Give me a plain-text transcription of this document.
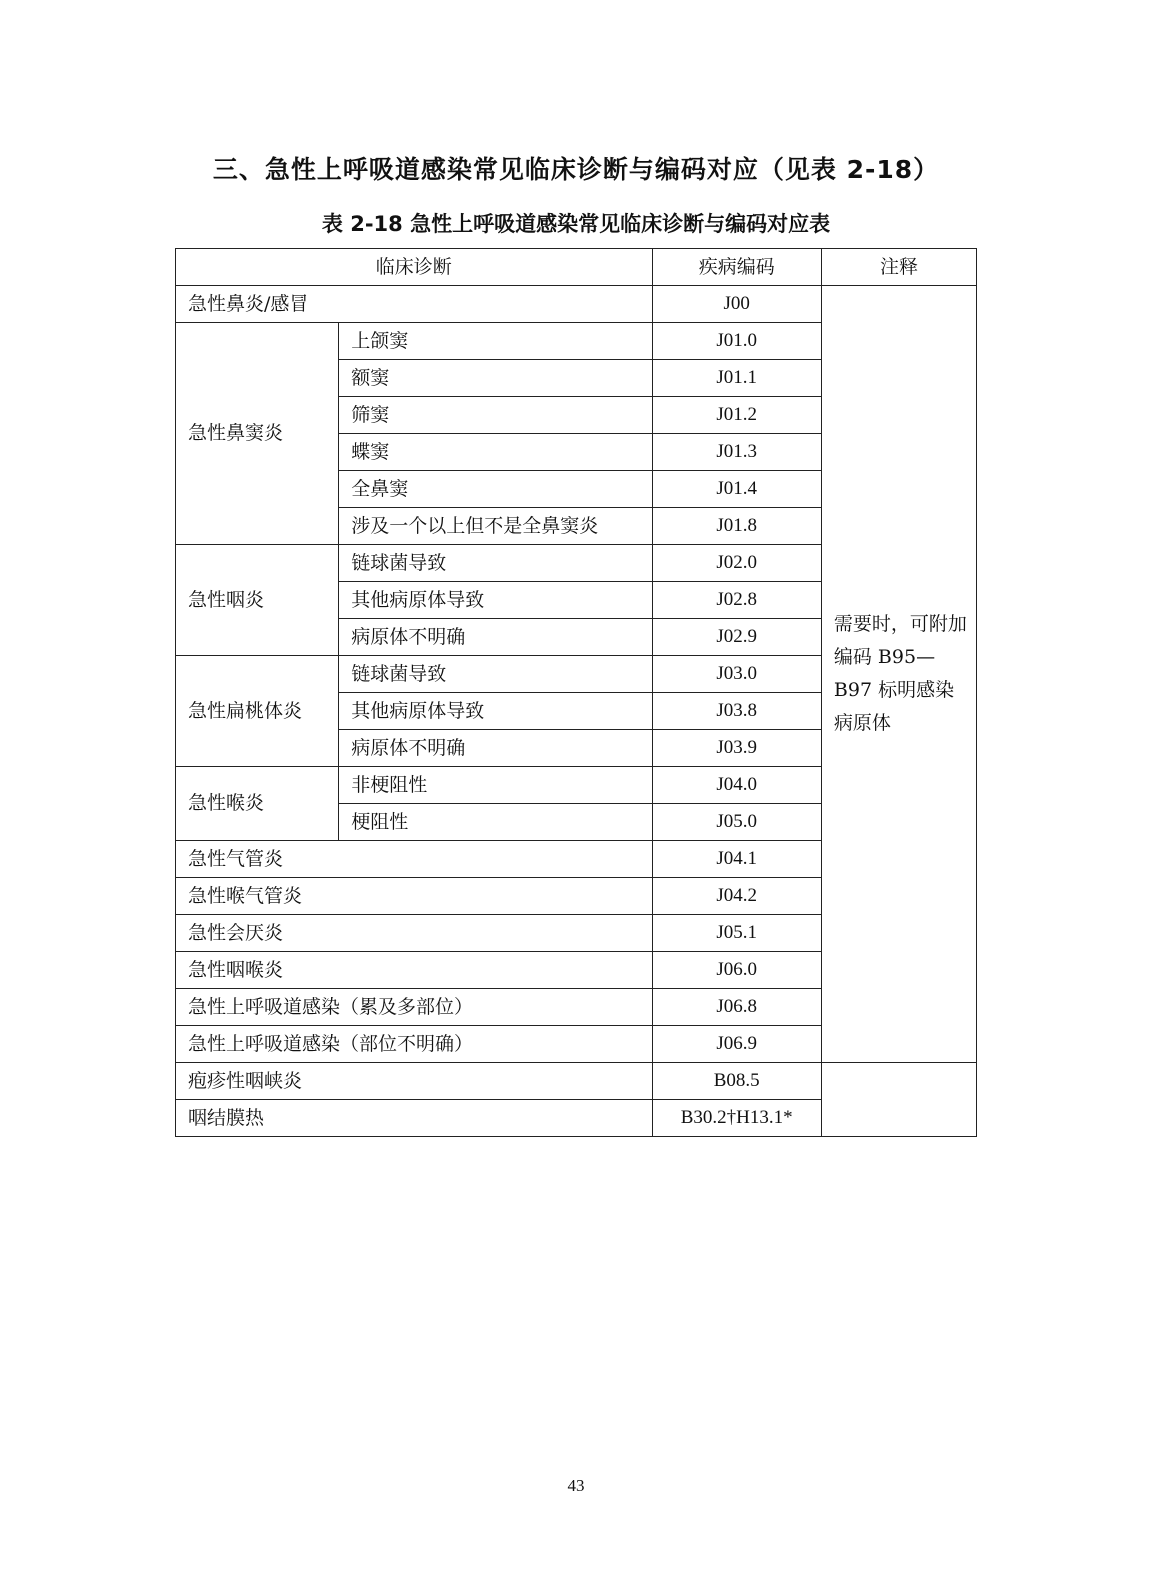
三、急性上呼吸道感染常见临床诊断与编码对应（见表 2-18）
表 2-18 急性上呼吸道感染常见临床诊断与编码对应表
临床诊断		疾病编码	注释
急性鼻炎/感冒		J00	需要时，可附加编码 B95—B97 标明感染病原体
急性鼻窦炎	上颌窦	J01.0	
	额窦	J01.1	
	筛窦	J01.2	
	蝶窦	J01.3	
	全鼻窦	J01.4	
	涉及一个以上但不是全鼻窦炎	J01.8	
急性咽炎	链球菌导致	J02.0	
	其他病原体导致	J02.8	
	病原体不明确	J02.9	
急性扁桃体炎	链球菌导致	J03.0	
	其他病原体导致	J03.8	
	病原体不明确	J03.9	
急性喉炎	非梗阻性	J04.0	
	梗阻性	J05.0	
急性气管炎		J04.1	
急性喉气管炎		J04.2	
急性会厌炎		J05.1	
急性咽喉炎		J06.0	
急性上呼吸道感染（累及多部位）		J06.8	
急性上呼吸道感染（部位不明确）		J06.9	
疱疹性咽峡炎		B08.5	
咽结膜热		B30.2†H13.1*	
43
